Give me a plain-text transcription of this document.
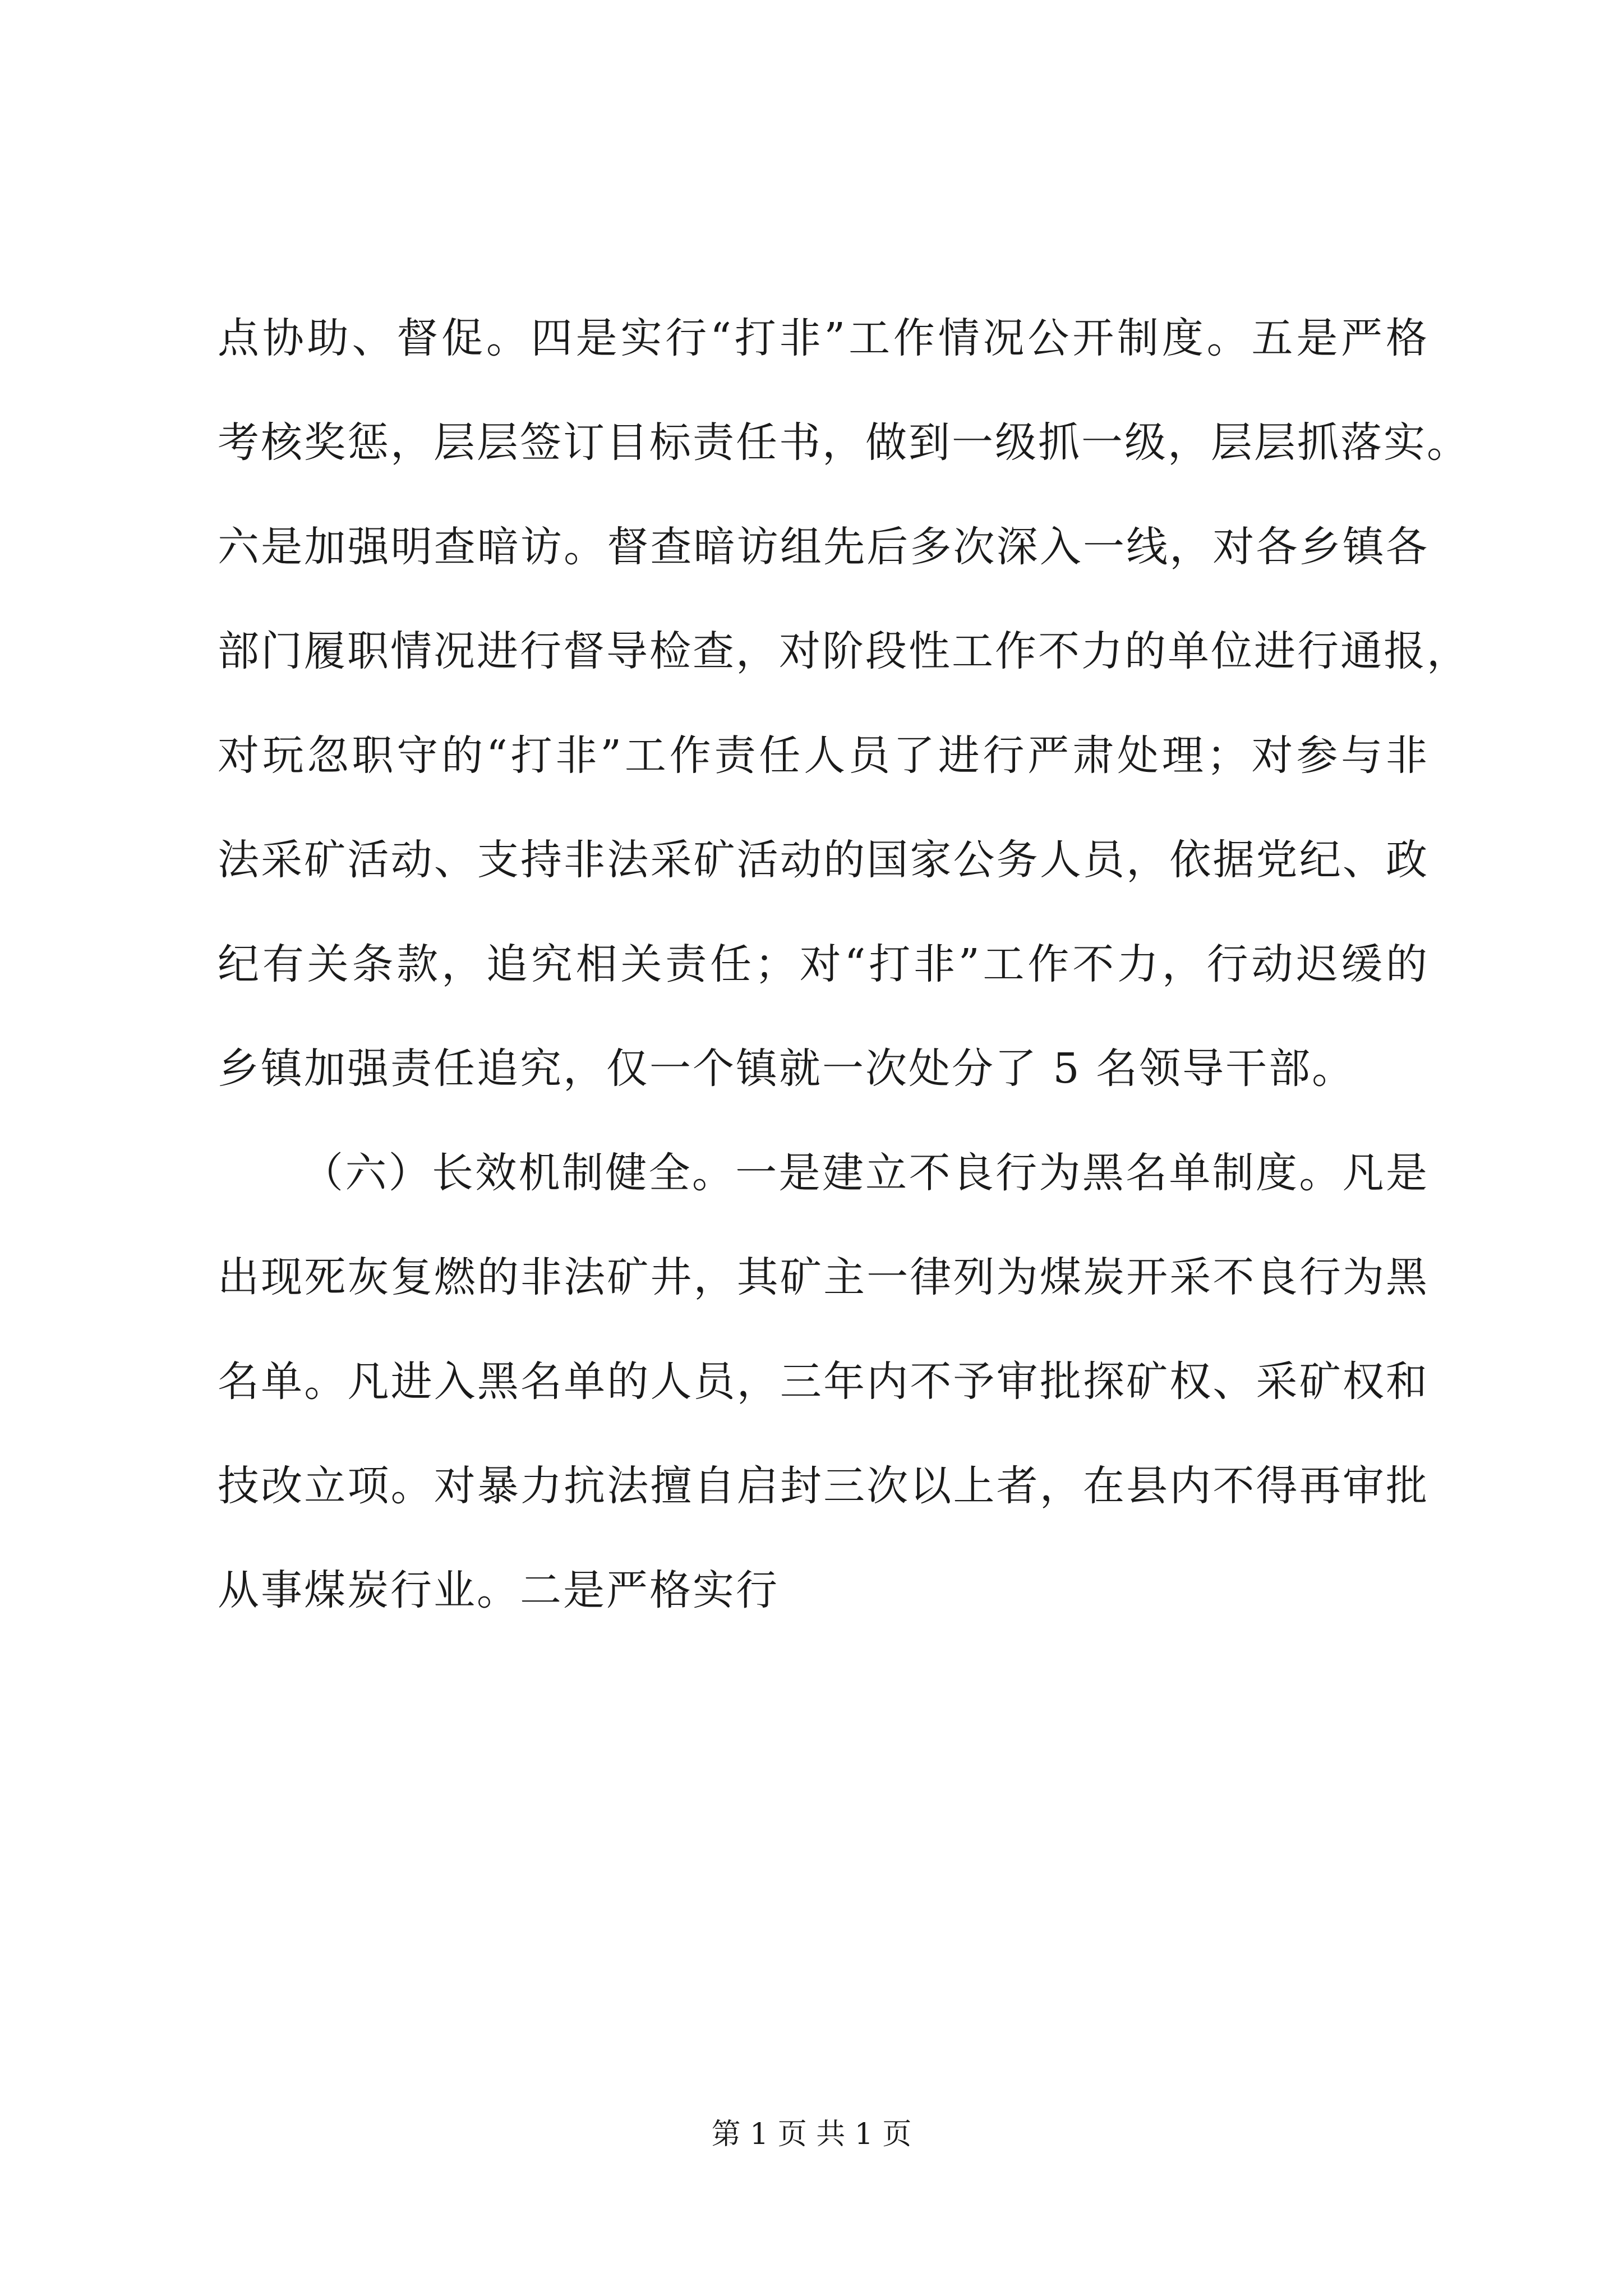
点协助、督促。四是实行“打非”工作情况公开制度。五是严格
考核奖惩，层层签订目标责任书，做到一级抓一级，层层抓落实。
六是加强明查暗访。督查暗访组先后多次深入一线，对各乡镇各
部门履职情况进行督导检查，对阶段性工作不力的单位进行通报，
对玩忽职守的“打非”工作责任人员了进行严肃处理；对参与非
法采矿活动、支持非法采矿活动的国家公务人员，依据党纪、政
纪有关条款，追究相关责任；对“打非”工作不力，行动迟缓的
乡镇加强责任追究，仅一个镇就一次处分了 5 名领导干部。
（六）长效机制健全。一是建立不良行为黑名单制度。凡是
出现死灰复燃的非法矿井，其矿主一律列为煤炭开采不良行为黑
名单。凡进入黑名单的人员，三年内不予审批探矿权、采矿权和
技改立项。对暴力抗法擅自启封三次以上者，在县内不得再审批
从事煤炭行业。二是严格实行
第 1 页 共 1 页
